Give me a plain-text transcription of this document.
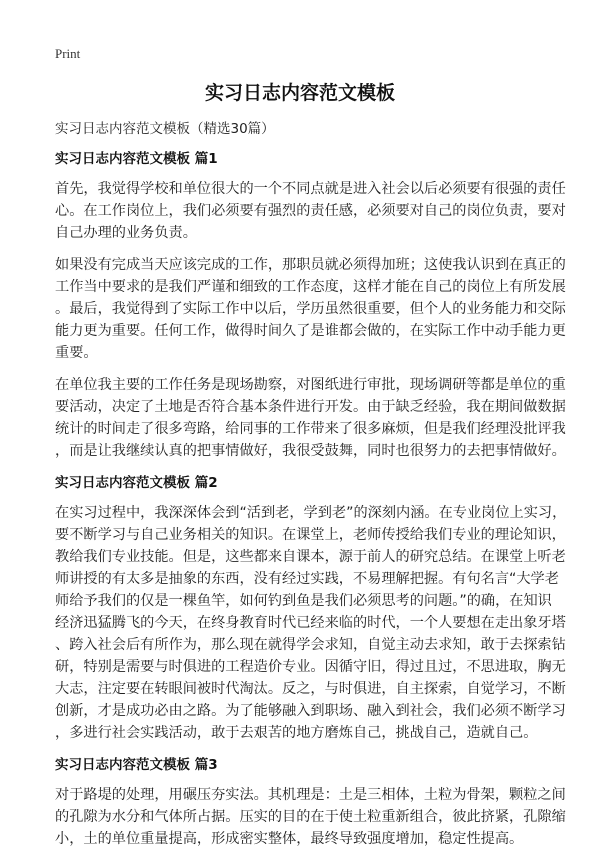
Print
实习日志内容范文模板
实习日志内容范文模板（精选30篇）
实习日志内容范文模板 篇1
首先，我觉得学校和单位很大的一个不同点就是进入社会以后必须要有很强的责任
心。在工作岗位上，我们必须要有强烈的责任感，必须要对自己的岗位负责，要对
自己办理的业务负责。
如果没有完成当天应该完成的工作，那职员就必须得加班；这使我认识到在真正的
工作当中要求的是我们严谨和细致的工作态度，这样才能在自己的岗位上有所发展
。最后，我觉得到了实际工作中以后，学历虽然很重要，但个人的业务能力和交际
能力更为重要。任何工作，做得时间久了是谁都会做的，在实际工作中动手能力更
重要。
在单位我主要的工作任务是现场勘察，对图纸进行审批，现场调研等都是单位的重
要活动，决定了土地是否符合基本条件进行开发。由于缺乏经验，我在期间做数据
统计的时间走了很多弯路，给同事的工作带来了很多麻烦，但是我们经理没批评我
，而是让我继续认真的把事情做好，我很受鼓舞，同时也很努力的去把事情做好。
实习日志内容范文模板 篇2
在实习过程中，我深深体会到“活到老，学到老”的深刻内涵。在专业岗位上实习，
要不断学习与自己业务相关的知识。在课堂上，老师传授给我们专业的理论知识，
教给我们专业技能。但是，这些都来自课本，源于前人的研究总结。在课堂上听老
师讲授的有太多是抽象的东西，没有经过实践，不易理解把握。有句名言“大学老
师给予我们的仅是一棵鱼竿，如何钓到鱼是我们必须思考的问题。”的确，在知识
经济迅猛腾飞的今天，在终身教育时代已经来临的时代，一个人要想在走出象牙塔
、跨入社会后有所作为，那么现在就得学会求知，自觉主动去求知，敢于去探索钻
研，特别是需要与时俱进的工程造价专业。因循守旧，得过且过，不思进取，胸无
大志，注定要在转眼间被时代淘汰。反之，与时俱进，自主探索，自觉学习，不断
创新，才是成功必由之路。为了能够融入到职场、融入到社会，我们必须不断学习
，多进行社会实践活动，敢于去艰苦的地方磨炼自己，挑战自己，造就自己。
实习日志内容范文模板 篇3
对于路堤的处理，用碾压夯实法。其机理是：土是三相体，土粒为骨架，颗粒之间
的孔隙为水分和气体所占据。压实的目的在于使土粒重新组合，彼此挤紧，孔隙缩
小，土的单位重量提高，形成密实整体，最终导致强度增加，稳定性提高。
